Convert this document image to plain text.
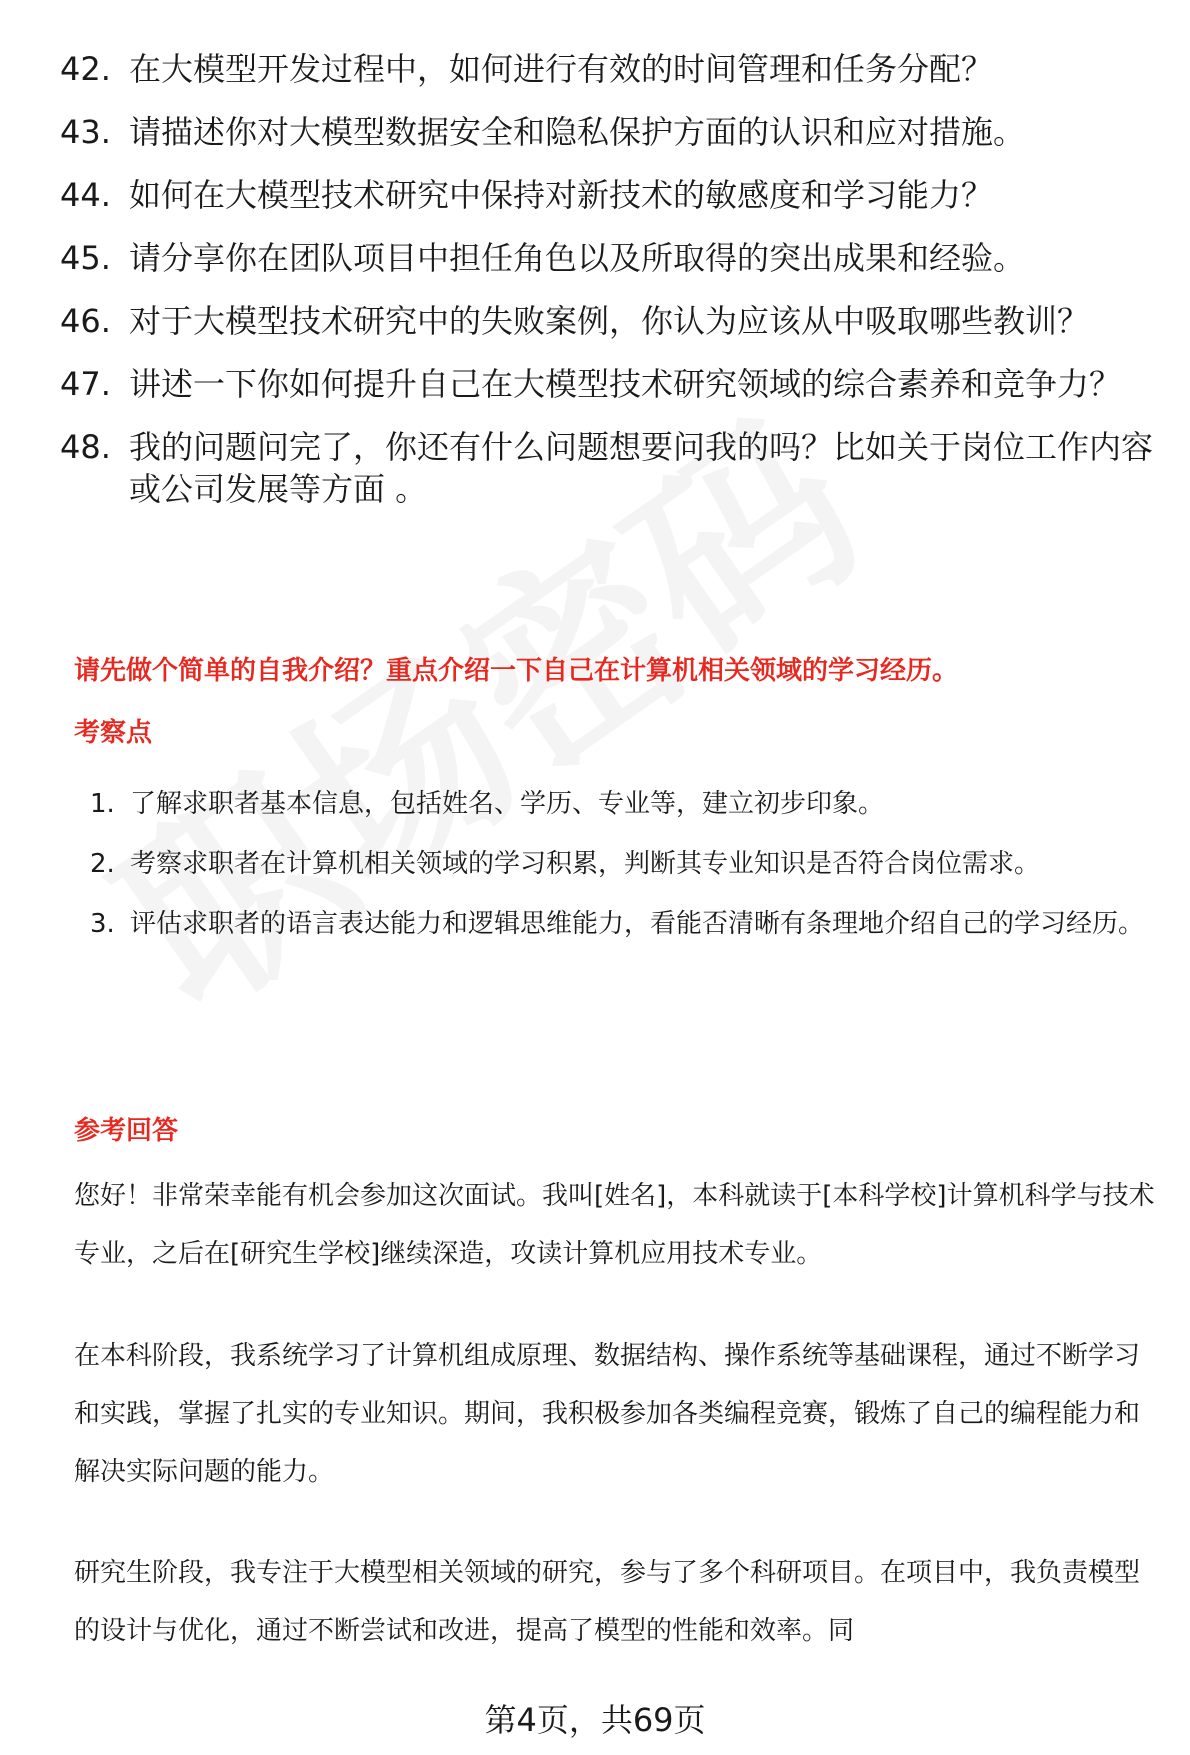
42. 在大模型开发过程中，如何进行有效的时间管理和任务分配？
43. 请描述你对大模型数据安全和隐私保护方面的认识和应对措施。
44. 如何在大模型技术研究中保持对新技术的敏感度和学习能力？
45. 请分享你在团队项目中担任角色以及所取得的突出成果和经验。
46. 对于大模型技术研究中的失败案例，你认为应该从中吸取哪些教训？
47. 讲述一下你如何提升自己在大模型技术研究领域的综合素养和竞争力？
48. 我的问题问完了，你还有什么问题想要问我的吗？比如关于岗位工作内容或公司发展等方面 。
请先做个简单的自我介绍？重点介绍一下自己在计算机相关领域的学习经历。
考察点
1. 了解求职者基本信息，包括姓名、学历、专业等，建立初步印象。
2. 考察求职者在计算机相关领域的学习积累，判断其专业知识是否符合岗位需求。
3. 评估求职者的语言表达能力和逻辑思维能力，看能否清晰有条理地介绍自己的学习经历。
参考回答

您好！非常荣幸能有机会参加这次面试。我叫[姓名]，本科就读于[本科学校]计算机科学与技术专业，之后在[研究生学校]继续深造，攻读计算机应用技术专业。

在本科阶段，我系统学习了计算机组成原理、数据结构、操作系统等基础课程，通过不断学习和实践，掌握了扎实的专业知识。期间，我积极参加各类编程竞赛，锻炼了自己的编程能力和解决实际问题的能力。

研究生阶段，我专注于大模型相关领域的研究，参与了多个科研项目。在项目中，我负责模型的设计与优化，通过不断尝试和改进，提高了模型的性能和效率。同

第4页，共69页
